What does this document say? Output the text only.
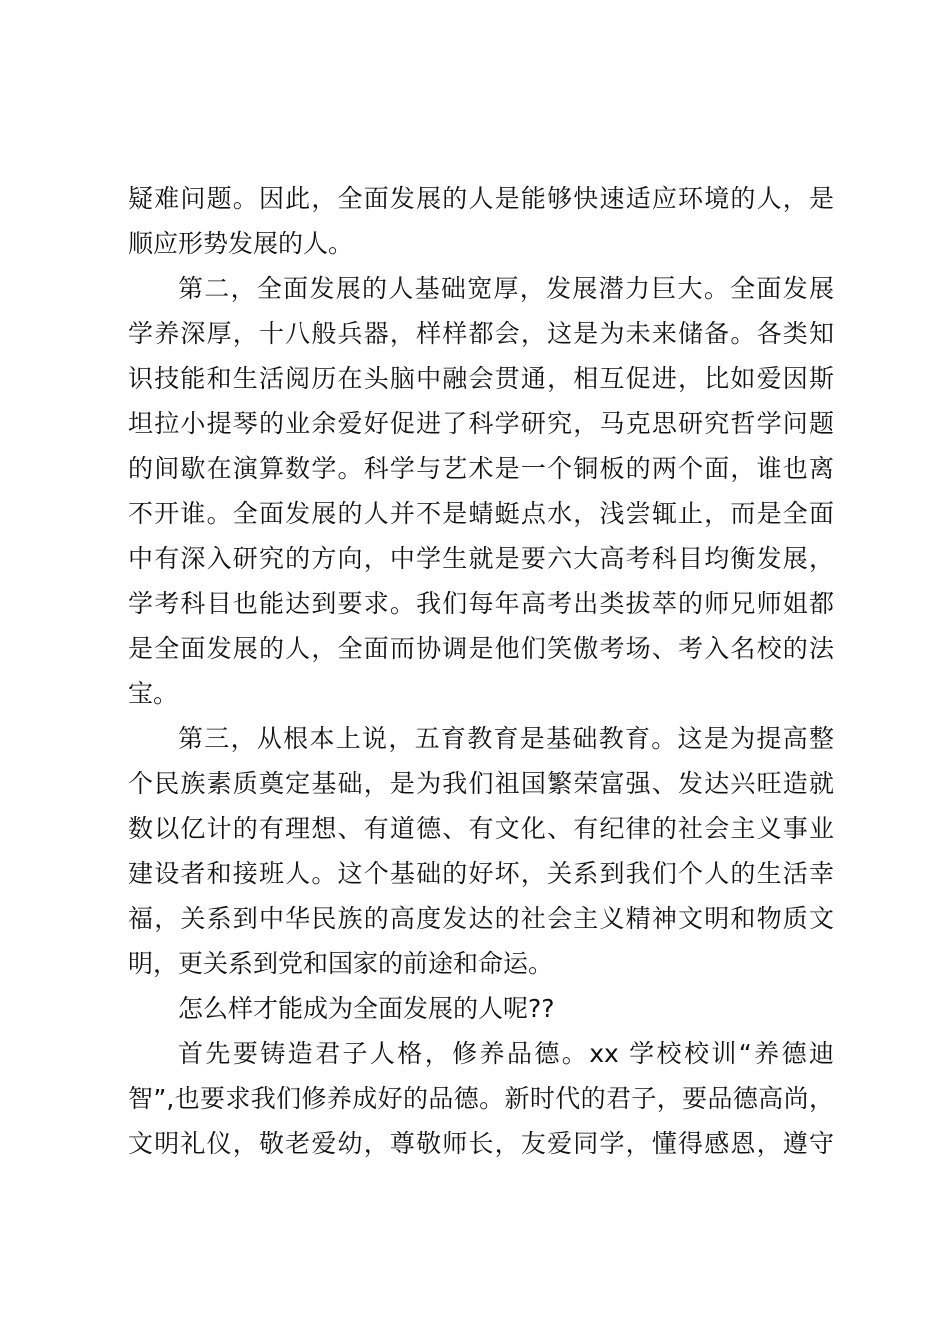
疑难问题。因此，全面发展的人是能够快速适应环境的人，是
顺应形势发展的人。
第二，全面发展的人基础宽厚，发展潜力巨大。全面发展
学养深厚，十八般兵器，样样都会，这是为未来储备。各类知
识技能和生活阅历在头脑中融会贯通，相互促进，比如爱因斯
坦拉小提琴的业余爱好促进了科学研究，马克思研究哲学问题
的间歇在演算数学。科学与艺术是一个铜板的两个面，谁也离
不开谁。全面发展的人并不是蜻蜓点水，浅尝辄止，而是全面
中有深入研究的方向，中学生就是要六大高考科目均衡发展，
学考科目也能达到要求。我们每年高考出类拔萃的师兄师姐都
是全面发展的人，全面而协调是他们笑傲考场、考入名校的法
宝。
第三，从根本上说，五育教育是基础教育。这是为提高整
个民族素质奠定基础，是为我们祖国繁荣富强、发达兴旺造就
数以亿计的有理想、有道德、有文化、有纪律的社会主义事业
建设者和接班人。这个基础的好坏，关系到我们个人的生活幸
福，关系到中华民族的高度发达的社会主义精神文明和物质文
明，更关系到党和国家的前途和命运。
怎么样才能成为全面发展的人呢??
首先要铸造君子人格，修养品德。xx 学校校训“养德迪
智”,也要求我们修养成好的品德。新时代的君子，要品德高尚，
文明礼仪，敬老爱幼，尊敬师长，友爱同学，懂得感恩，遵守
